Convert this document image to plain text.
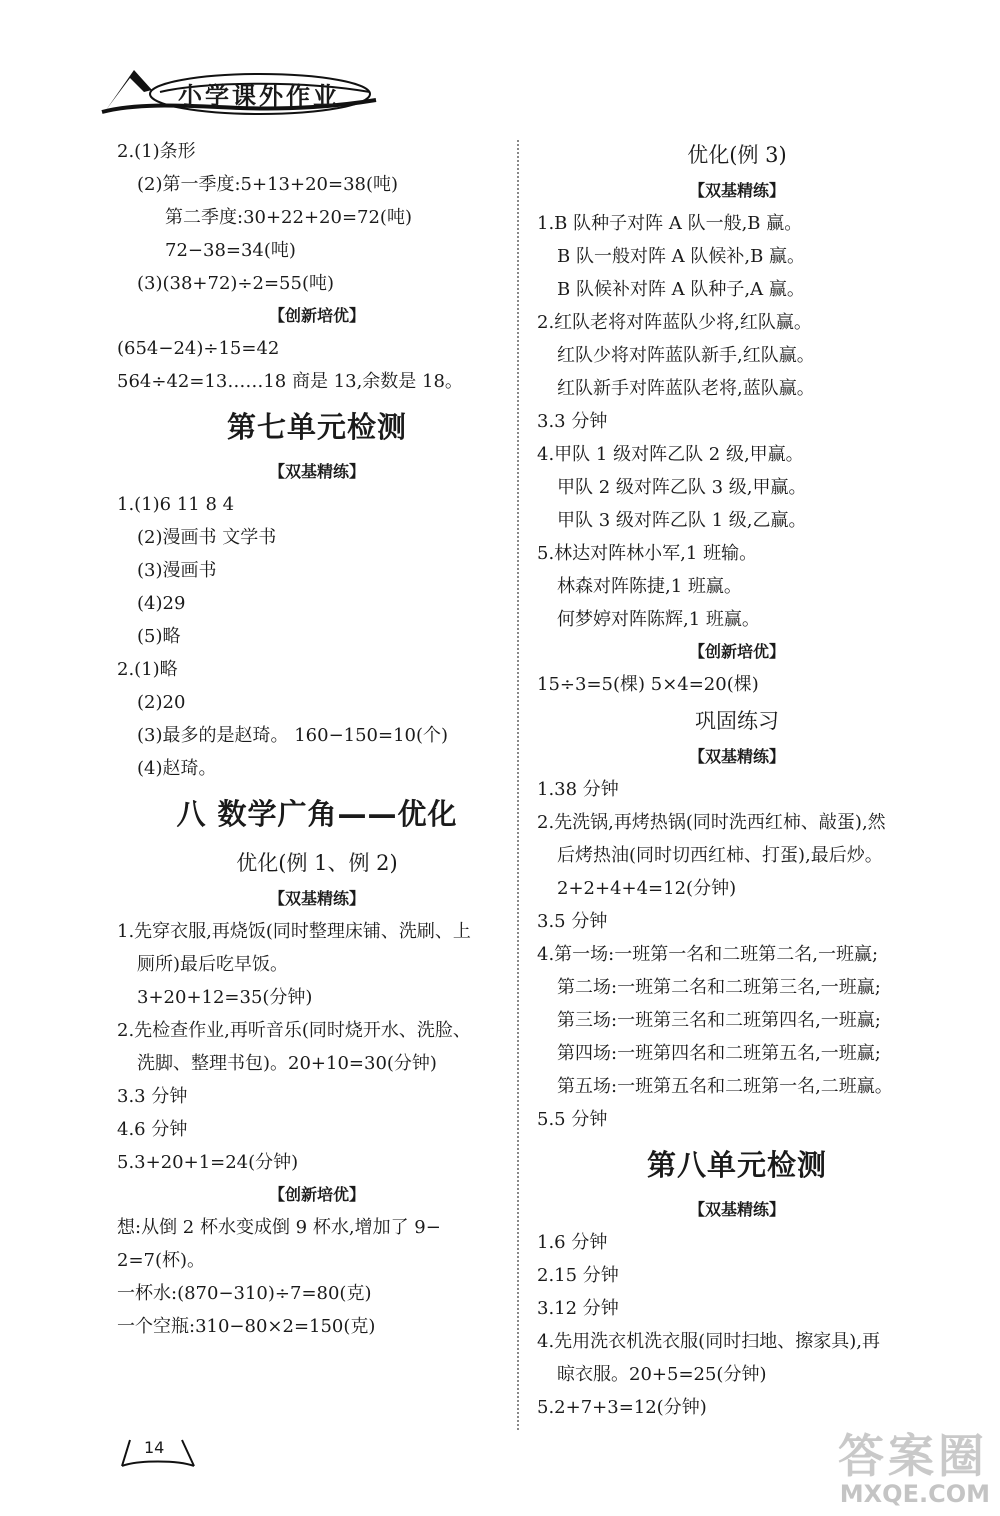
小学课外作业
2.(1)条形
(2)第一季度:5+13+20=38(吨)
第二季度:30+22+20=72(吨)
72−38=34(吨)
(3)(38+72)÷2=55(吨)
【创新培优】
(654−24)÷15=42
564÷42=13……18 商是 13,余数是 18。
第七单元检测
【双基精练】
1.(1)6 11 8 4
(2)漫画书 文学书
(3)漫画书
(4)29
(5)略
2.(1)略
(2)20
(3)最多的是赵琦。 160−150=10(个)
(4)赵琦。
八 数学广角——优化
优化(例 1、例 2)
【双基精练】
1.先穿衣服,再烧饭(同时整理床铺、洗刷、上
厕所)最后吃早饭。
3+20+12=35(分钟)
2.先检查作业,再听音乐(同时烧开水、洗脸、
洗脚、整理书包)。20+10=30(分钟)
3.3 分钟
4.6 分钟
5.3+20+1=24(分钟)
【创新培优】
想:从倒 2 杯水变成倒 9 杯水,增加了 9−
2=7(杯)。
一杯水:(870−310)÷7=80(克)
一个空瓶:310−80×2=150(克)
优化(例 3)
【双基精练】
1.B 队种子对阵 A 队一般,B 赢。
B 队一般对阵 A 队候补,B 赢。
B 队候补对阵 A 队种子,A 赢。
2.红队老将对阵蓝队少将,红队赢。
红队少将对阵蓝队新手,红队赢。
红队新手对阵蓝队老将,蓝队赢。
3.3 分钟
4.甲队 1 级对阵乙队 2 级,甲赢。
甲队 2 级对阵乙队 3 级,甲赢。
甲队 3 级对阵乙队 1 级,乙赢。
5.林达对阵林小军,1 班输。
林森对阵陈捷,1 班赢。
何梦婷对阵陈辉,1 班赢。
【创新培优】
15÷3=5(棵) 5×4=20(棵)
巩固练习
【双基精练】
1.38 分钟
2.先洗锅,再烤热锅(同时洗西红柿、敲蛋),然
后烤热油(同时切西红柿、打蛋),最后炒。
2+2+4+4=12(分钟)
3.5 分钟
4.第一场:一班第一名和二班第二名,一班赢;
第二场:一班第二名和二班第三名,一班赢;
第三场:一班第三名和二班第四名,一班赢;
第四场:一班第四名和二班第五名,一班赢;
第五场:一班第五名和二班第一名,二班赢。
5.5 分钟
第八单元检测
【双基精练】
1.6 分钟
2.15 分钟
3.12 分钟
4.先用洗衣机洗衣服(同时扫地、擦家具),再
晾衣服。20+5=25(分钟)
5.2+7+3=12(分钟)
14	答案圈
MXQE.COM
